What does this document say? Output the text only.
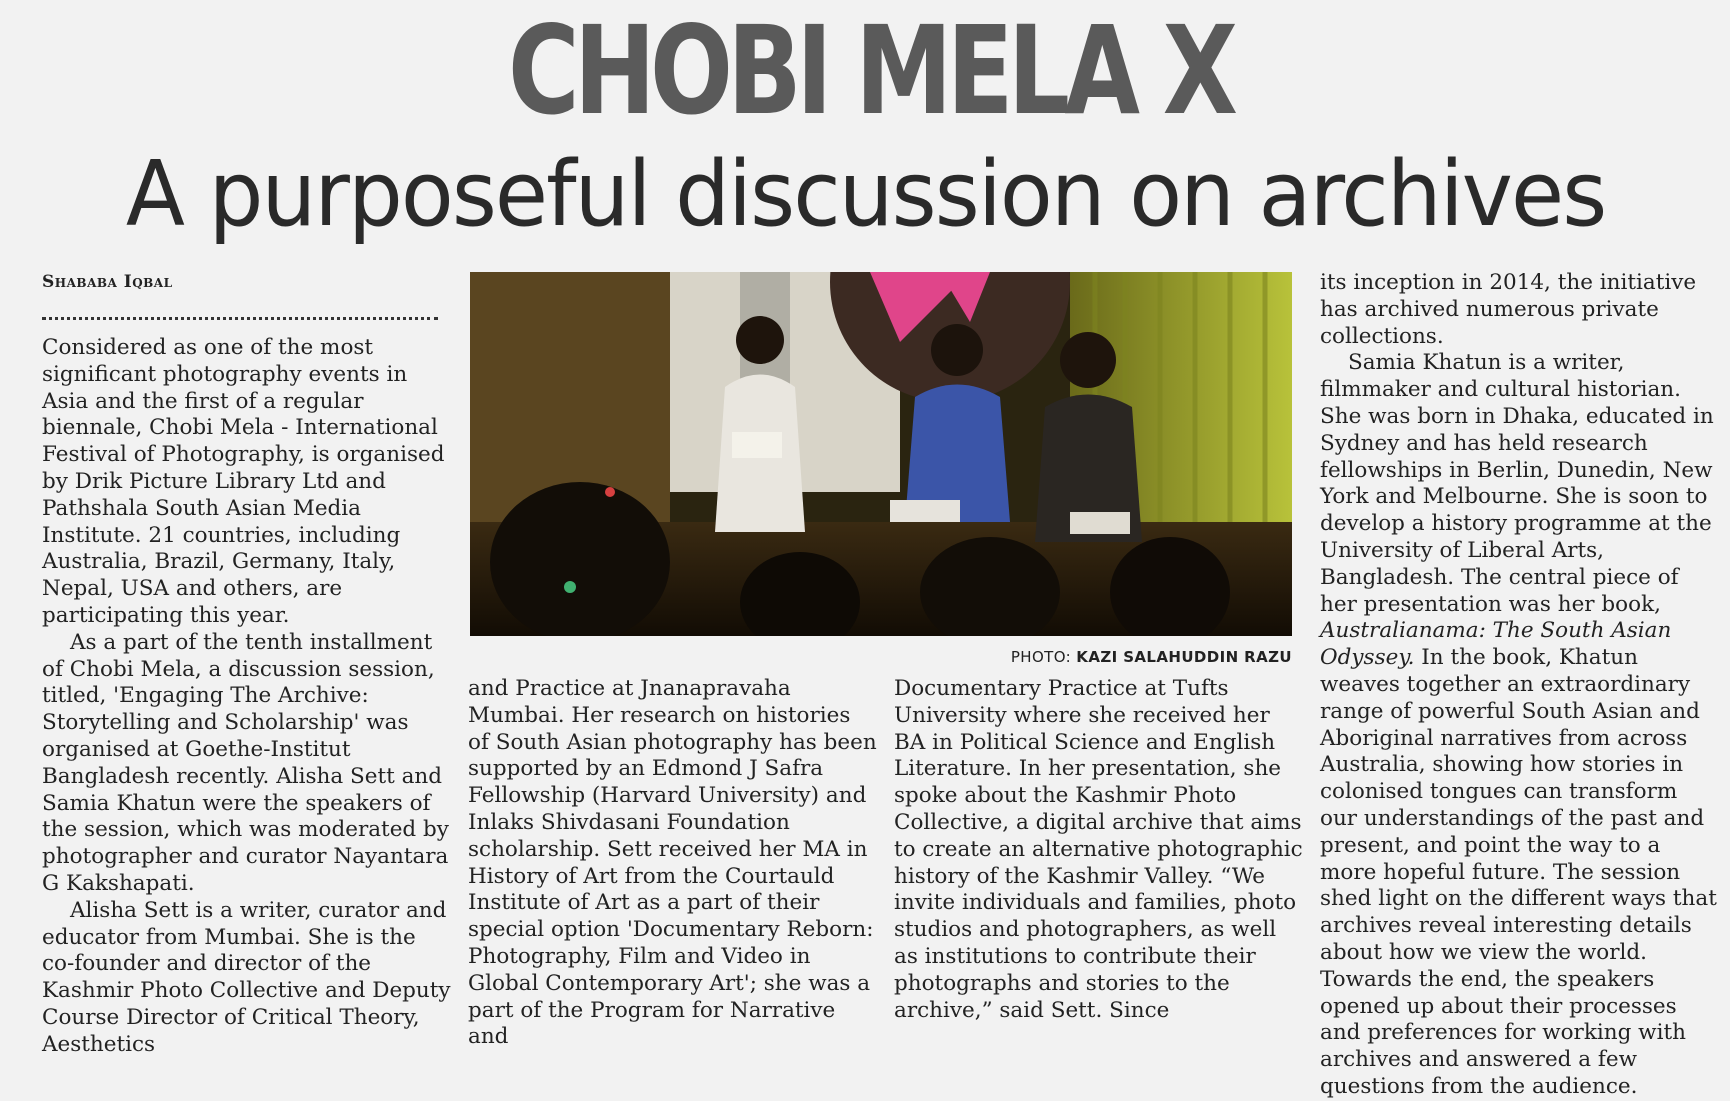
CHOBI MELA X
A purposeful discussion on archives
Shababa Iqbal

Considered as one of the most significant photography events in Asia and the first of a regular biennale, Chobi Mela - International Festival of Photography, is organised by Drik Picture Library Ltd and Pathshala South Asian Media Institute. 21 countries, including Australia, Brazil, Germany, Italy, Nepal, USA and others, are participating this year.

As a part of the tenth installment of Chobi Mela, a discussion session, titled, 'Engaging The Archive: Storytelling and Scholarship' was organised at Goethe-Institut Bangladesh recently. Alisha Sett and Samia Khatun were the speakers of the session, which was moderated by photographer and curator Nayantara G Kakshapati.

Alisha Sett is a writer, curator and educator from Mumbai. She is the co-founder and director of the Kashmir Photo Collective and Deputy Course Director of Critical Theory, Aesthetics

PHOTO: KAZI SALAHUDDIN RAZU

and Practice at Jnanapravaha Mumbai. Her research on histories of South Asian photography has been supported by an Edmond J Safra Fellowship (Harvard University) and Inlaks Shivdasani Foundation scholarship. Sett received her MA in History of Art from the Courtauld Institute of Art as a part of their special option 'Documentary Reborn: Photography, Film and Video in Global Contemporary Art'; she was a part of the Program for Narrative and

Documentary Practice at Tufts University where she received her BA in Political Science and English Literature. In her presentation, she spoke about the Kashmir Photo Collective, a digital archive that aims to create an alternative photographic history of the Kashmir Valley. “We invite individuals and families, photo studios and photographers, as well as institutions to contribute their photographs and stories to the archive,” said Sett. Since

its inception in 2014, the initiative has archived numerous private collections.

Samia Khatun is a writer, filmmaker and cultural historian. She was born in Dhaka, educated in Sydney and has held research fellowships in Berlin, Dunedin, New York and Melbourne. She is soon to develop a history programme at the University of Liberal Arts, Bangladesh. The central piece of her presentation was her book, Australianama: The South Asian Odyssey. In the book, Khatun weaves together an extraordinary range of powerful South Asian and Aboriginal narratives from across Australia, showing how stories in colonised tongues can transform our understandings of the past and present, and point the way to a more hopeful future. The session shed light on the different ways that archives reveal interesting details about how we view the world. Towards the end, the speakers opened up about their processes and preferences for working with archives and answered a few questions from the audience.
